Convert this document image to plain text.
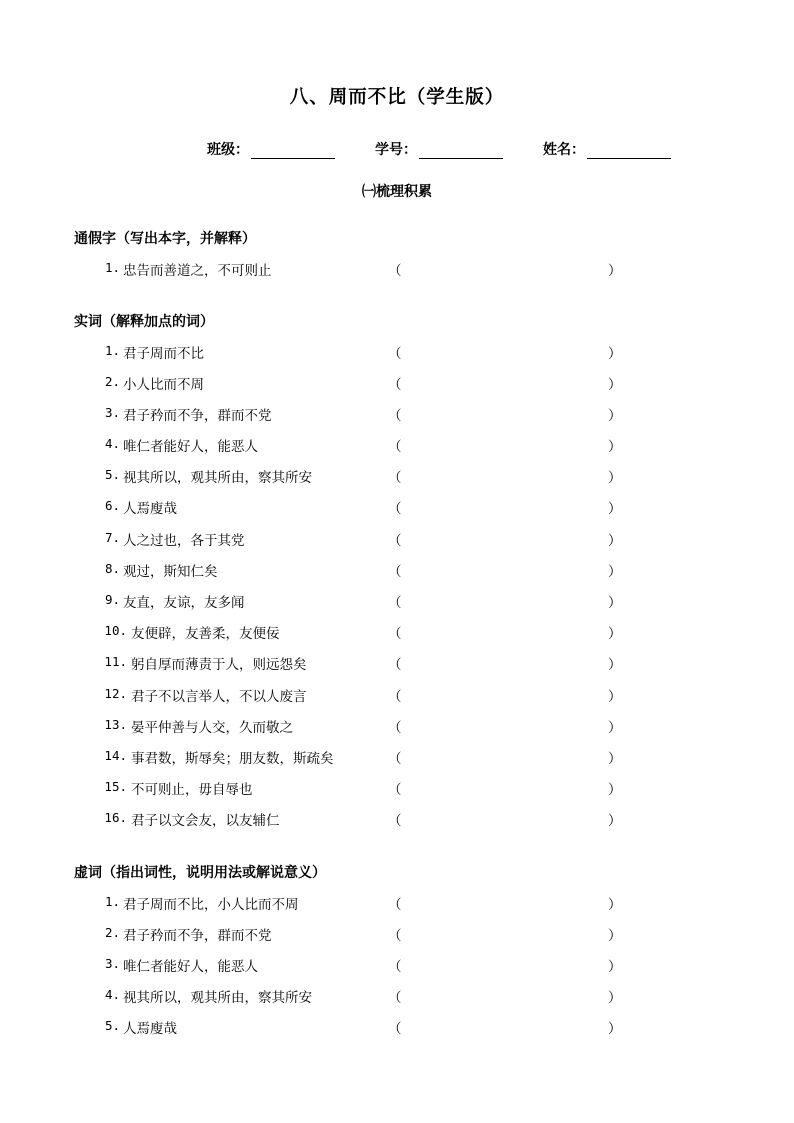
八、周而不比（学生版）
班级：	学号：	姓名：
㈠梳理积累
通假字（写出本字，并解释）
1. 忠告而善道之，不可则止	（	）
实词（解释加点的词）
1. 君子周而不比	（	）
2. 小人比而不周	（	）
3. 君子矜而不争，群而不党	（	）
4. 唯仁者能好人，能恶人	（	）
5. 视其所以，观其所由，察其所安	（	）
6. 人焉廋哉	（	）
7. 人之过也，各于其党	（	）
8. 观过，斯知仁矣	（	）
9. 友直，友谅，友多闻	（	）
10. 友便辟，友善柔，友便佞	（	）
11. 躬自厚而薄责于人，则远怨矣	（	）
12. 君子不以言举人，不以人废言	（	）
13. 晏平仲善与人交，久而敬之	（	）
14. 事君数，斯辱矣；朋友数，斯疏矣	（	）
15. 不可则止，毋自辱也	（	）
16. 君子以文会友，以友辅仁	（	）
虚词（指出词性，说明用法或解说意义）
1. 君子周而不比，小人比而不周	（	）
2. 君子矜而不争，群而不党	（	）
3. 唯仁者能好人，能恶人	（	）
4. 视其所以，观其所由，察其所安	（	）
5. 人焉廋哉	（	）
